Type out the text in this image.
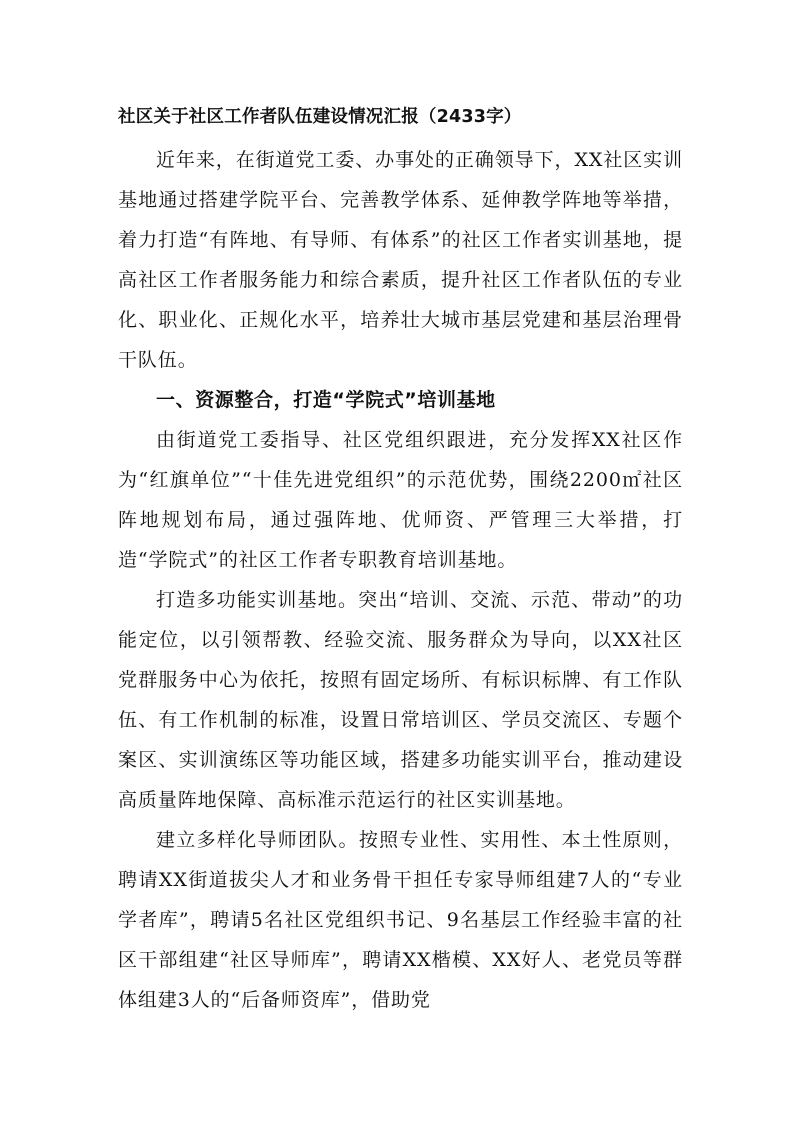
社区关于社区工作者队伍建设情况汇报（2433字）

近年来，在街道党工委、办事处的正确领导下，XX社区实训基地通过搭建学院平台、完善教学体系、延伸教学阵地等举措，着力打造“有阵地、有导师、有体系”的社区工作者实训基地，提高社区工作者服务能力和综合素质，提升社区工作者队伍的专业化、职业化、正规化水平，培养壮大城市基层党建和基层治理骨干队伍。

一、资源整合，打造“学院式”培训基地

由街道党工委指导、社区党组织跟进，充分发挥XX社区作为“红旗单位”“十佳先进党组织”的示范优势，围绕2200㎡社区阵地规划布局，通过强阵地、优师资、严管理三大举措，打造“学院式”的社区工作者专职教育培训基地。

打造多功能实训基地。突出“培训、交流、示范、带动”的功能定位，以引领帮教、经验交流、服务群众为导向，以XX社区党群服务中心为依托，按照有固定场所、有标识标牌、有工作队伍、有工作机制的标准，设置日常培训区、学员交流区、专题个案区、实训演练区等功能区域，搭建多功能实训平台，推动建设高质量阵地保障、高标准示范运行的社区实训基地。

建立多样化导师团队。按照专业性、实用性、本土性原则，聘请XX街道拔尖人才和业务骨干担任专家导师组建7人的“专业学者库”，聘请5名社区党组织书记、9名基层工作经验丰富的社区干部组建“社区导师库”，聘请XX楷模、XX好人、老党员等群体组建3人的“后备师资库”，借助党
